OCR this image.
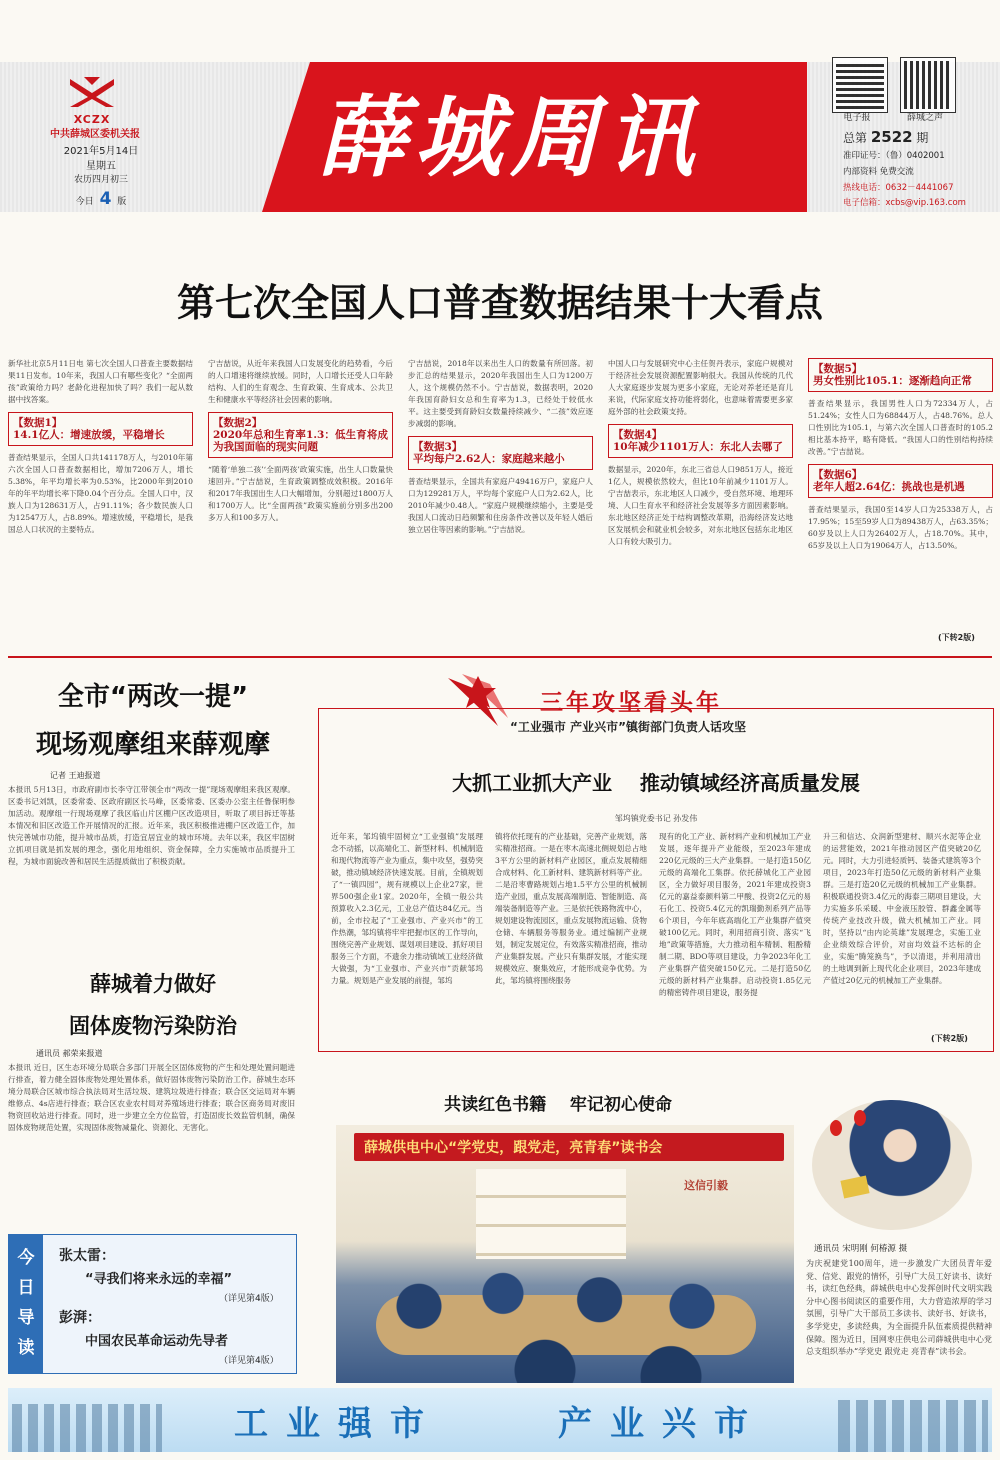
XCZX
中共薛城区委机关报
2021年5月14日
星期五
农历四月初三
今日 4 版
薛城周讯	电子报	薛城之声
总第 2522 期
准印证号：（鲁）0402001
内部资料 免费交流
热线电话：0632－4441067
电子信箱：xcbs@vip.163.com
第七次全国人口普查数据结果十大看点
新华社北京5月11日电 第七次全国人口普查主要数据结果11日发布。10年来，我国人口有哪些变化？“全面两孩”政策给力吗？老龄化进程加快了吗？我们一起从数据中找答案。
【数据1】
14.1亿人：增速放缓，平稳增长
普查结果显示，全国人口共141178万人，与2010年第六次全国人口普查数据相比，增加7206万人，增长5.38%，年平均增长率为0.53%，比2000年到2010年的年平均增长率下降0.04个百分点。全国人口中，汉族人口为128631万人，占91.11%；各少数民族人口为12547万人，占8.89%。增速放缓，平稳增长，是我国总人口状况的主要特点。
宁吉喆说，从近年来我国人口发展变化的趋势看，今后的人口增速将继续放缓。同时，人口增长还受人口年龄结构、人们的生育观念、生育政策、生育成本、公共卫生和健康水平等经济社会因素的影响。
【数据2】
2020年总和生育率1.3：低生育将成为我国面临的现实问题
“随着‘单独二孩’‘全面两孩’政策实施，出生人口数量快速回升。”宁吉喆说，生育政策调整成效积极。2016年和2017年我国出生人口大幅增加，分别超过1800万人和1700万人。比“全面两孩”政策实施前分别多出200多万人和100多万人。
宁吉喆说，2018年以来出生人口的数量有所回落。初步汇总的结果显示，2020年我国出生人口为1200万人，这个规模仍然不小。宁吉喆说，数据表明，2020年我国育龄妇女总和生育率为1.3，已经处于较低水平。这主要受到育龄妇女数量持续减少、“二孩”效应逐步减弱的影响。
【数据3】
平均每户2.62人：家庭越来越小
普查结果显示，全国共有家庭户49416万户，家庭户人口为129281万人，平均每个家庭户人口为2.62人，比2010年减少0.48人。“家庭户规模继续缩小，主要是受我国人口流动日趋频繁和住房条件改善以及年轻人婚后独立居住等因素的影响。”宁吉喆说。
中国人口与发展研究中心主任贺丹表示，家庭户规模对于经济社会发展资源配置影响很大。我国从传统的几代人大家庭逐步发展为更多小家庭，无论对养老还是育儿来说，代际家庭支持功能将弱化，也意味着需要更多家庭外部的社会政策支持。
【数据4】
10年减少1101万人：东北人去哪了
数据显示，2020年，东北三省总人口9851万人，接近1亿人，规模依然较大，但比10年前减少1101万人。宁吉喆表示，东北地区人口减少，受自然环境、地理环境、人口生育水平和经济社会发展等多方面因素影响。东北地区经济正处于结构调整改革期，沿海经济发达地区发展机会和就业机会较多，对东北地区包括东北地区人口有较大吸引力。
【数据5】
男女性别比105.1：逐渐趋向正常
普查结果显示，我国男性人口为72334万人，占51.24%；女性人口为68844万人，占48.76%。总人口性别比为105.1，与第六次全国人口普查时的105.2相比基本持平，略有降低。“我国人口的性别结构持续改善。”宁吉喆说。
【数据6】
老年人超2.64亿：挑战也是机遇
普查结果显示，我国0至14岁人口为25338万人，占17.95%；15至59岁人口为89438万人，占63.35%；60岁及以上人口为26402万人，占18.70%。其中，65岁及以上人口为19064万人，占13.50%。
(下转2版)
全市“两改一提”
现场观摩组来薛观摩
记者 王迪报道
本报讯 5月13日，市政府副市长李守江带领全市“两改一提”现场观摩组来我区观摩。区委书记刘凯，区委常委、区政府副区长马峰，区委常委、区委办公室主任鲁保明参加活动。观摩组一行现场观摩了我区临山片区棚户区改造项目，听取了项目拆迁等基本情况和旧区改造工作开展情况的汇报。近年来，我区积极推进棚户区改造工作，加快完善城市功能，提升城市品质，打造宜居宜业的城市环境。去年以来，我区牢固树立抓项目就是抓发展的理念，强化用地组织、资金保障，全力实施城市品质提升工程，为城市面貌改善和居民生活提质做出了积极贡献。
薛城着力做好
固体废物污染防治
通讯员 郝荣来报道
本报讯 近日，区生态环境分局联合多部门开展全区固体废物的产生和处理处置问题进行排查，着力健全固体废物处理处置体系，做好固体废物污染防治工作。薛城生态环境分局联合区城市综合执法局对生活垃圾、建筑垃圾进行排查；联合区交运局对车辆维修点、4s店进行排查；联合区农业农村局对养殖场进行排查；联合区商务局对废旧物资回收站进行排查。同时，进一步建立全方位监管，打造固废长效监管机制，确保固体废物规范处置，实现固体废物减量化、资源化、无害化。
今
日
导
读
张太雷：
“寻我们将来永远的幸福”
（详见第4版）
彭湃：
中国农民革命运动先导者
（详见第4版）
三年攻坚看头年
“工业强市 产业兴市”镇街部门负责人话攻坚
大抓工业抓大产业    推动镇域经济高质量发展
邹坞镇党委书记 孙发伟
近年来，邹坞镇牢固树立“工业强镇”发展理念不动摇，以高端化工、新型材料、机械制造和现代物流等产业为重点，集中攻坚，强势突破，推动镇域经济快速发展。目前，全镇规划了“一镇四园”，规有规模以上企业27家，世界500强企业1家。2020年，全镇一般公共预算收入2.3亿元，工业总产值达84亿元。当前，全市拉起了“工业强市、产业兴市”的工作热潮，邹坞镇将牢牢把握市区的工作导向，围绕完善产业规划、谋划项目建设、抓好项目服务三个方面，不遗余力推动镇域工业经济做大做强，为“工业强市、产业兴市”贡献邹坞力量。规划是产业发展的前提，邹坞
镇将依托现有的产业基础，完善产业规划，落实精准招商。一是在枣木高速北侧规划总占地3平方公里的新材料产业园区，重点发展精细合成材料、化工新材料、建筑新材料等产业。二是沿枣曹路规划占地1.5平方公里的机械制造产业园，重点发展高端制造、智能制造、高端装备制造等产业。三是依托铁路物流中心，规划建设物流园区，重点发展物流运输、货物仓储、车辆服务等服务业。通过编制产业规划，制定发展定位，有效落实精准招商，推动产业集群发展。产业只有集群发展，才能实现规模效应、聚集效应，才能形成竞争优势。为此，邹坞镇将围绕服务
现有的化工产业、新材料产业和机械加工产业发展，逐年提升产业能级，至2023年建成220亿元级的三大产业集群。一是打造150亿元级的高端化工集群。依托薛城化工产业园区，全力做好项目服务，2021年建成投资3亿元的嘉益泰颜料第二甲酸、投资2亿元的易石化工、投资5.4亿元的凯瑞勤剂系列产品等6个项目，今年年底高端化工产业集群产值突破100亿元。同时，利用招商引资、落实“飞地”政策等措施，大力推动租车精制、粗酚精制二期、BDO等项目建设，力争2023年化工产业集群产值突破150亿元。二是打造50亿元级的新材料产业集群。启动投资1.85亿元的精密铸件项目建设，服务提
升三和信达、众润新型建材、顺兴水泥等企业的运营能效，2021年推动园区产值突破20亿元。同时，大力引进轻质钙、装备式建筑等3个项目，2023年打造50亿元级的新材料产业集群。三是打造20亿元级的机械加工产业集群。积极联通投资3.4亿元的海泰三期项目建设，大力实施多乐采暖、中金液压胶管、群鑫金属等传统产业技改升级，做大机械加工产业。同时，坚持以“由内论英雄”发展理念，实施工业企业绩效综合评价，对亩均效益不达标的企业，实施“腾笼换鸟”，予以清退，并利用清出的土地调到新上现代化企业项目，2023年建成产值过20亿元的机械加工产业集群。
(下转2版)
共读红色书籍    牢记初心使命
薛城供电中心“学党史，跟党走，亮青春”读书会
这信引毅
通讯员 宋明刚 何椿源 摄
为庆祝建党100周年，进一步激发广大团员青年爱党、信党、跟党的情怀，引导广大员工好读书、读好书，读红色经典，薛城供电中心发挥创时代文明实践分中心图书阅读区的重要作用，大力营造浓厚的学习氛围，引导广大干部员工多读书、读好书、好读书，多学党史，多读经典，为全面提升队伍素质提供精神保障。图为近日，国网枣庄供电公司薛城供电中心党总支组织举办“学党史 跟党走 亮青春”读书会。
工业强市	产业兴市
